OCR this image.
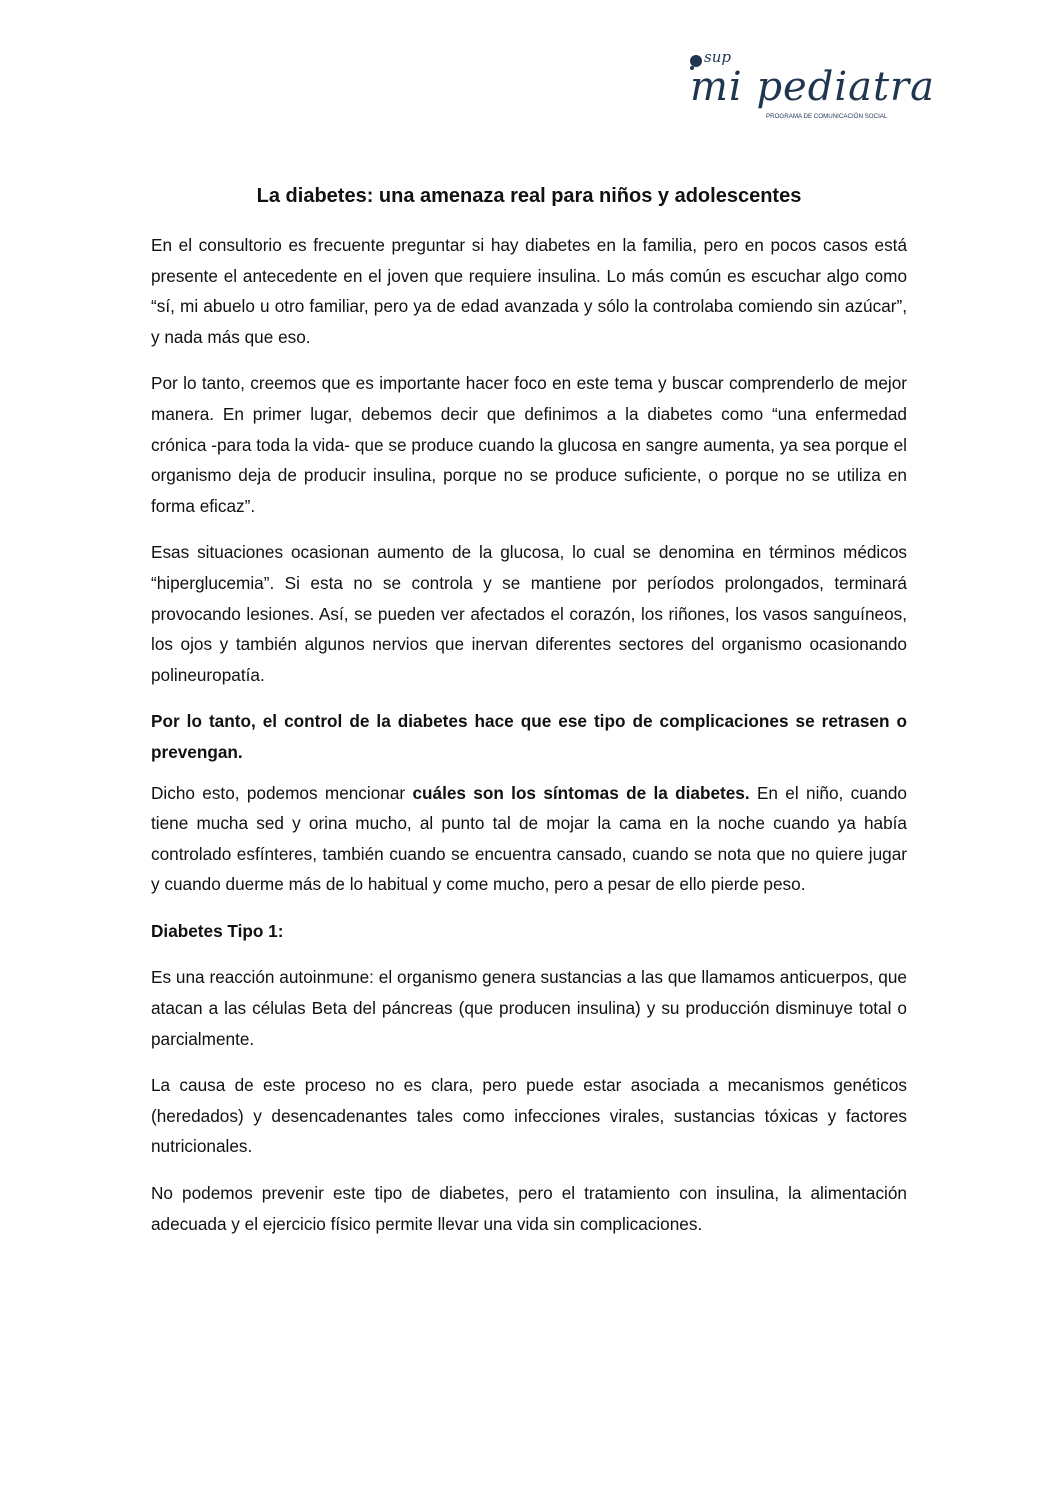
sup
mi pediatra
PROGRAMA DE COMUNICACIÓN SOCIAL
La diabetes: una amenaza real para niños y adolescentes

En el consultorio es frecuente preguntar si hay diabetes en la familia, pero en pocos casos está presente el antecedente en el joven que requiere insulina. Lo más común es escuchar algo como “sí, mi abuelo u otro familiar, pero ya de edad avanzada y sólo la controlaba comiendo sin azúcar”, y nada más que eso.

Por lo tanto, creemos que es importante hacer foco en este tema y buscar comprenderlo de mejor manera. En primer lugar, debemos decir que definimos a la diabetes como “una enfermedad crónica -para toda la vida- que se produce cuando la glucosa en sangre aumenta, ya sea porque el organismo deja de producir insulina, porque no se produce suficiente, o porque no se utiliza en forma eficaz”.

Esas situaciones ocasionan aumento de la glucosa, lo cual se denomina en términos médicos “hiperglucemia”. Si esta no se controla y se mantiene por períodos prolongados, terminará provocando lesiones. Así, se pueden ver afectados el corazón, los riñones, los vasos sanguíneos, los ojos y también algunos nervios que inervan diferentes sectores del organismo ocasionando polineuropatía.

Por lo tanto, el control de la diabetes hace que ese tipo de complicaciones se retrasen o prevengan.

Dicho esto, podemos mencionar cuáles son los síntomas de la diabetes. En el niño, cuando tiene mucha sed y orina mucho, al punto tal de mojar la cama en la noche cuando ya había controlado esfínteres, también cuando se encuentra cansado, cuando se nota que no quiere jugar y cuando duerme más de lo habitual y come mucho, pero a pesar de ello pierde peso.

Diabetes Tipo 1:

Es una reacción autoinmune: el organismo genera sustancias a las que llamamos anticuerpos, que atacan a las células Beta del páncreas (que producen insulina) y su producción disminuye total o parcialmente.

La causa de este proceso no es clara, pero puede estar asociada a mecanismos genéticos (heredados) y desencadenantes tales como infecciones virales, sustancias tóxicas y factores nutricionales.

No podemos prevenir este tipo de diabetes, pero el tratamiento con insulina, la alimentación adecuada y el ejercicio físico permite llevar una vida sin complicaciones.
